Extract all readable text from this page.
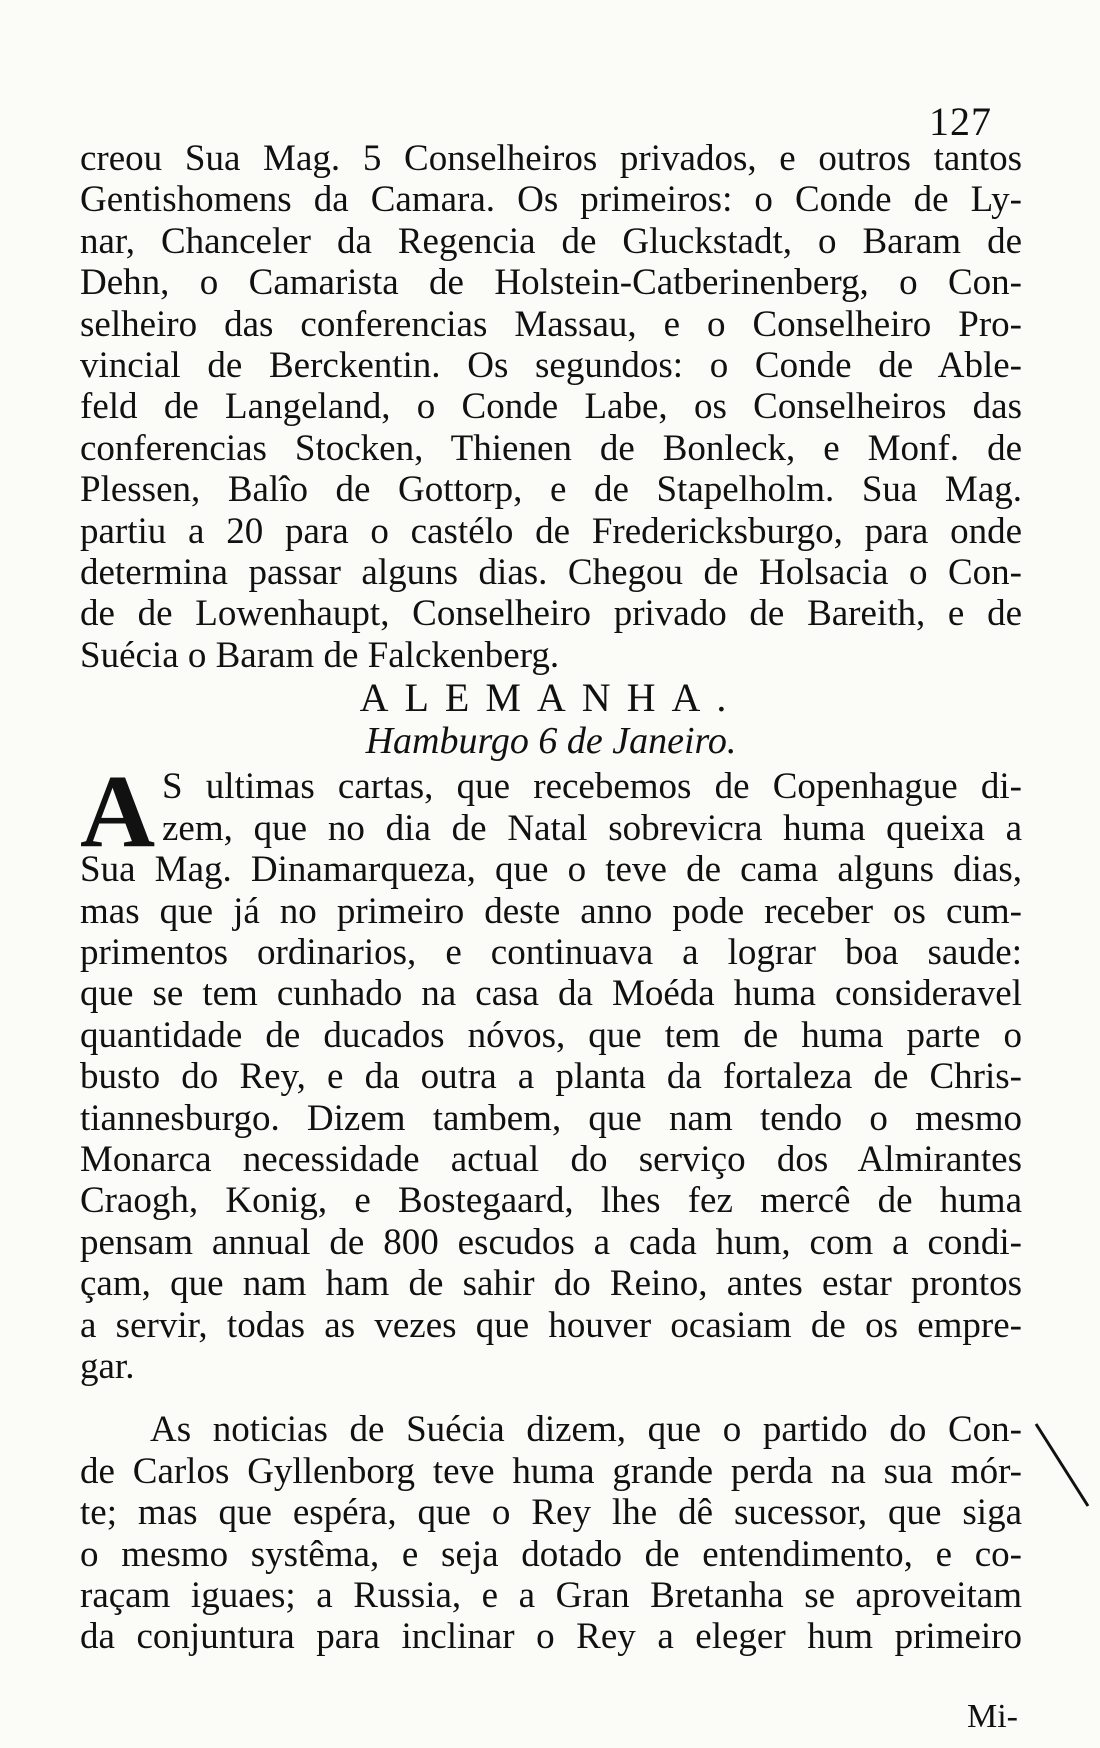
127
creou Sua Mag. 5 Conselheiros privados, e outros tantos
Gentishomens da Camara. Os primeiros: o Conde de Ly-
nar, Chanceler da Regencia de Gluckstadt, o Baram de
Dehn, o Camarista de Holstein-Catberinenberg, o Con-
selheiro das conferencias Massau, e o Conselheiro Pro-
vincial de Berckentin. Os segundos: o Conde de Able-
feld de Langeland, o Conde Labe, os Conselheiros das
conferencias Stocken, Thienen de Bonleck, e Monf. de
Plessen, Balîo de Gottorp, e de Stapelholm. Sua Mag.
partiu a 20 para o castélo de Fredericksburgo, para onde
determina passar alguns dias. Chegou de Holsacia o Con-
de de Lowenhaupt, Conselheiro privado de Bareith, e de
Suécia o Baram de Falckenberg.

ALEMANHA.

Hamburgo 6 de Janeiro.

A S ultimas cartas, que recebemos de Copenhague di-
zem, que no dia de Natal sobrevicra huma queixa a
Sua Mag. Dinamarqueza, que o teve de cama alguns dias,
mas que já no primeiro deste anno pode receber os cum-
primentos ordinarios, e continuava a lograr boa saude:
que se tem cunhado na casa da Moéda huma consideravel
quantidade de ducados nóvos, que tem de huma parte o
busto do Rey, e da outra a planta da fortaleza de Chris-
tiannesburgo. Dizem tambem, que nam tendo o mesmo
Monarca necessidade actual do serviço dos Almirantes
Craogh, Konig, e Bostegaard, lhes fez mercê de huma
pensam annual de 800 escudos a cada hum, com a condi-
çam, que nam ham de sahir do Reino, antes estar prontos
a servir, todas as vezes que houver ocasiam de os empre-
gar.
As noticias de Suécia dizem, que o partido do Con-
de Carlos Gyllenborg teve huma grande perda na sua mór-
te; mas que espéra, que o Rey lhe dê sucessor, que siga
o mesmo systêma, e seja dotado de entendimento, e co-
raçam iguaes; a Russia, e a Gran Bretanha se aproveitam
da conjuntura para inclinar o Rey a eleger hum primeiro
Mi-
